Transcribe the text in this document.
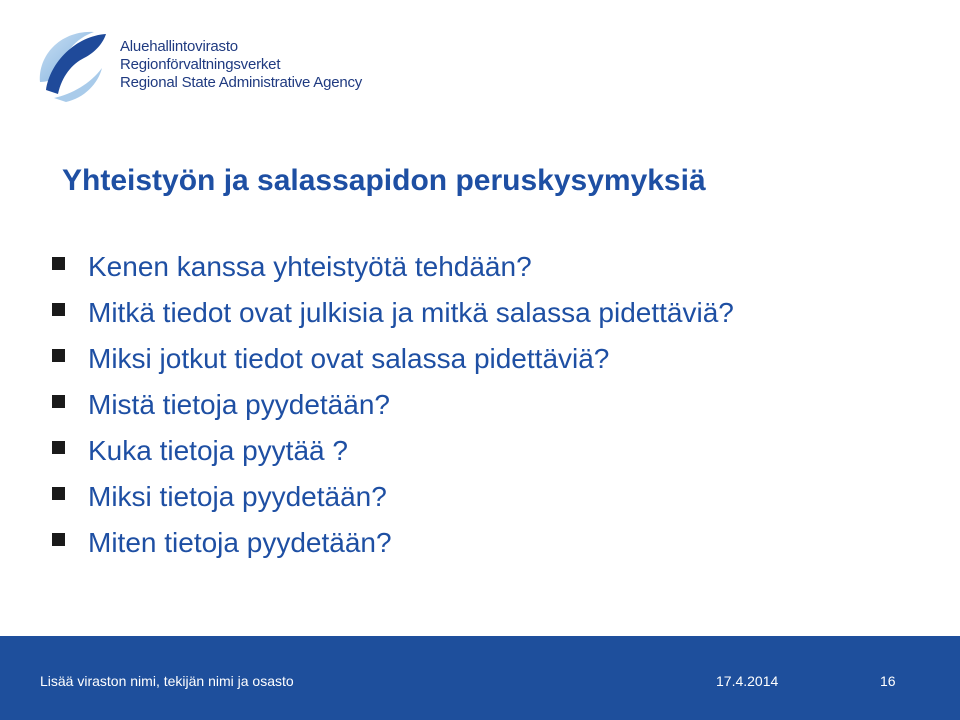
Aluehallintovirasto
Regionförvaltningsverket
Regional State Administrative Agency
Yhteistyön ja salassapidon peruskysymyksiä
Kenen kanssa yhteistyötä tehdään?
Mitkä tiedot ovat julkisia ja mitkä salassa pidettäviä?
Miksi jotkut tiedot ovat salassa pidettäviä?
Mistä tietoja pyydetään?
Kuka tietoja pyytää ?
Miksi tietoja pyydetään?
Miten tietoja pyydetään?
Lisää viraston nimi, tekijän nimi ja osasto	17.4.2014	16
